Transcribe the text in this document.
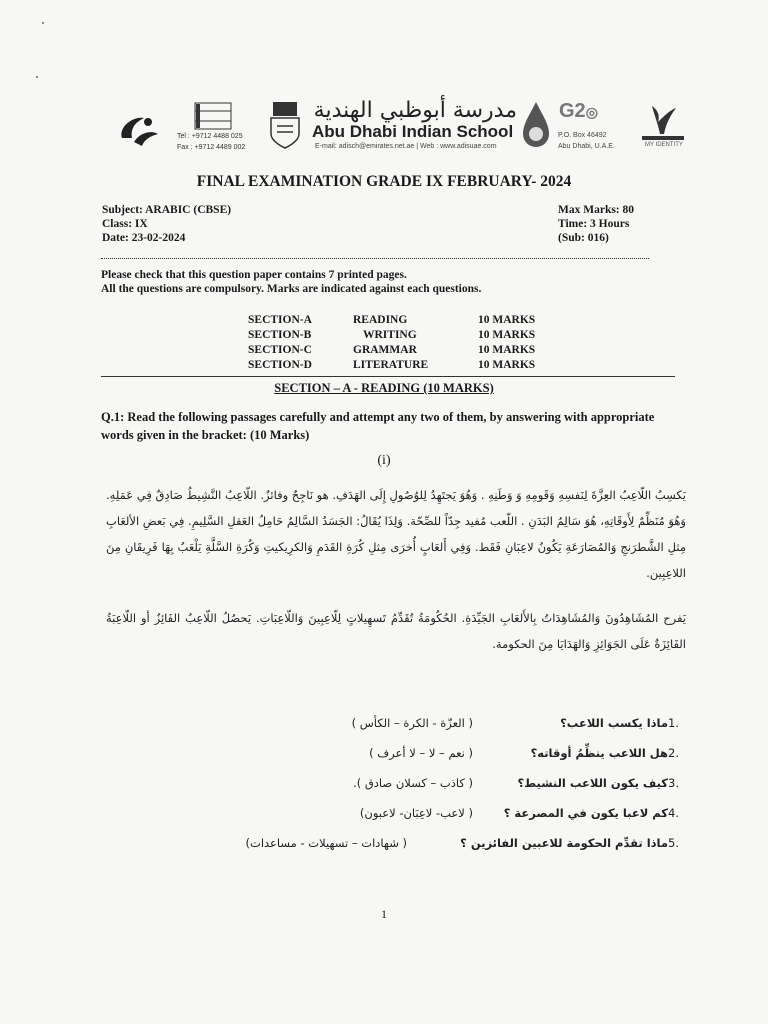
Tel : +9712 4488 025
Fax : +9712 4489 002
مدرسة أبوظبي الهندية
Abu Dhabi Indian School
E-mail: adisch@emirates.net.ae | Web : www.adisuae.com
G2◎
P.O. Box 46492
Abu Dhabi, U.A.E.	MY IDENTITY
FINAL EXAMINATION GRADE IX FEBRUARY- 2024
Subject: ARABIC (CBSE)
Class: IX
Date: 23-02-2024
Max Marks: 80
Time: 3 Hours
(Sub: 016)
Please check that this question paper contains 7 printed pages.
All the questions are compulsory. Marks are indicated against each questions.
SECTION-A	READING	10 MARKS
SECTION-B	WRITING	10 MARKS
SECTION-C	GRAMMAR	10 MARKS
SECTION-D	LITERATURE	10 MARKS
SECTION – A - READING (10 MARKS)
Q.1: Read the following passages carefully and attempt any two of them, by answering with appropriate words given in the bracket: (10 Marks)
(i)
يَكسِبُ اللّاعِبُ العِزَّةَ لِنَفسِهِ وَقَومِهِ وَ وَطَنِهِ . وَهُوَ يَجتَهِدُ لِلوُصُولِ إِلَى الهَدَفِ. هو نَاجِحٌ وفائزٌ. اللّاعِبُ النَّشِيطُ صَادِقٌ فِي عَمَلِهِ. وَهُوَ مُنَظِّمٌ لِأَوقَاتِهِ، هُوَ سَالِمُ البَدَنِ . اللّعب مُفيد جِدّاً للصِّحّة. وَلِذَا يُقَالُ: الجَسَدُ السَّالِمُ حَامِلُ العَقلِ السَّلِيمِ. فِي بَعضِ الألعَابِ مِثلِ الشَّطرَنجِ وَالمُصَارَعَةِ يَكُونُ لاعِبَانِ فَقَط. وَفِي أَلعَابٍ أُخرَى مِثلِ كُرَةِ القَدَمِ وَالكرِيكيتِ وَكُرَةِ السَّلَّةِ يَلْعَبُ بِهَا فَرِيقَانِ مِنَ اللاعِبِين.
يَفرح المُشَاهِدُونَ وَالمُشَاهِدَاتُ بِالأَلعَابِ الجَيِّدَةِ. الحُكُومَةُ تُقَدِّمُ تَسهِيلاتٍ لِلّاعِبِينَ وَاللّاعِبَاتِ. يَحصُلُ اللّاعِبُ الفَائِزُ أو اللّاعِبَةُ الفَائِزَةُ عَلَى الجَوَائِزِ وَالهَدَايَا مِنَ الحكومة.
1.
ماذا يكسب اللاعب؟
( العزّة - الكرة – الكأس )
2.
هل اللاعب ينظِّمُ أوقاته؟
( نعم – لا – لا أعرف )
3.
كيف يكون اللاعب النشيط؟
( كاذب – كسلان صادق ).
4.
كم لاعبا يكون في المصرعة ؟
( لاعب- لاعِبَان- لاعبون)
5.
ماذا تقدِّم الحكومة للاعبين الفائزين ؟
( شهادات – تسهيلات - مساعدات)
1
